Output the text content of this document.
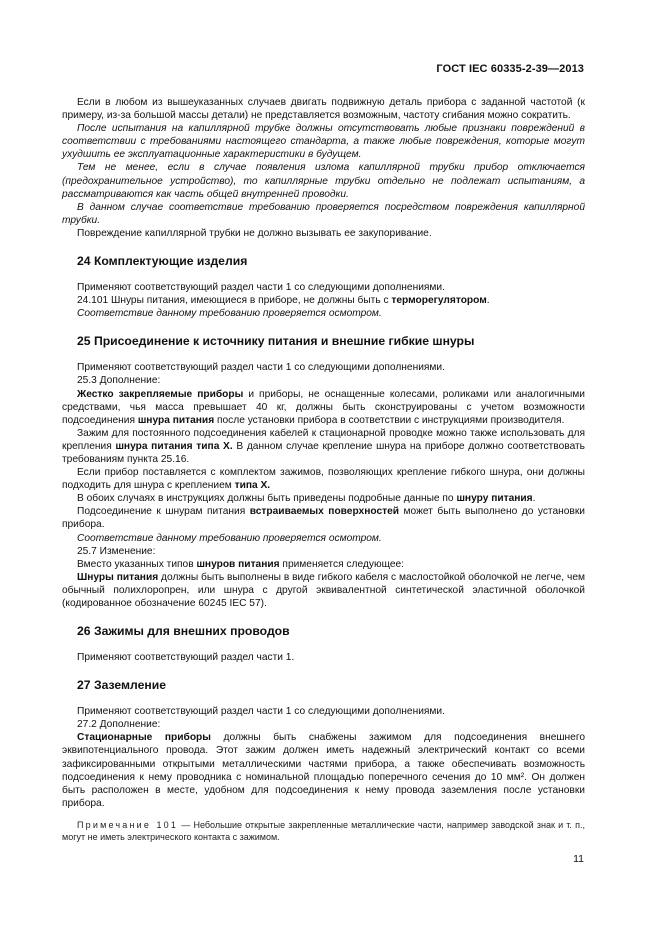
ГОСТ IEC 60335-2-39—2013

Если в любом из вышеуказанных случаев двигать подвижную деталь прибора с заданной частотой (к примеру, из-за большой массы детали) не представляется возможным, частоту сгибания можно сократить.

После испытания на капиллярной трубке должны отсутствовать любые признаки повреждений в соответствии с требованиями настоящего стандарта, а также любые повреждения, которые могут ухудшить ее эксплуатационные характеристики в будущем.

Тем не менее, если в случае появления излома капиллярной трубки прибор отключается (предохранительное устройство), то капиллярные трубки отдельно не подлежат испытаниям, а рассматриваются как часть общей внутренней проводки.

В данном случае соответствие требованию проверяется посредством повреждения капиллярной трубки.

Повреждение капиллярной трубки не должно вызывать ее закупоривание.

24 Комплектующие изделия

Применяют соответствующий раздел части 1 со следующими дополнениями.

24.101 Шнуры питания, имеющиеся в приборе, не должны быть с терморегулятором.

Соответствие данному требованию проверяется осмотром.

25 Присоединение к источнику питания и внешние гибкие шнуры

Применяют соответствующий раздел части 1 со следующими дополнениями.

25.3 Дополнение:

Жестко закрепляемые приборы и приборы, не оснащенные колесами, роликами или аналогичными средствами, чья масса превышает 40 кг, должны быть сконструированы с учетом возможности подсоединения шнура питания после установки прибора в соответствии с инструкциями производителя.

Зажим для постоянного подсоединения кабелей к стационарной проводке можно также использовать для крепления шнура питания типа X. В данном случае крепление шнура на приборе должно соответствовать требованиям пункта 25.16.

Если прибор поставляется с комплектом зажимов, позволяющих крепление гибкого шнура, они должны подходить для шнура с креплением типа X.

В обоих случаях в инструкциях должны быть приведены подробные данные по шнуру питания.

Подсоединение к шнурам питания встраиваемых поверхностей может быть выполнено до установки прибора.

Соответствие данному требованию проверяется осмотром.

25.7 Изменение:

Вместо указанных типов шнуров питания применяется следующее:

Шнуры питания должны быть выполнены в виде гибкого кабеля с маслостойкой оболочкой не легче, чем обычный полихлоропрен, или шнура с другой эквивалентной синтетической эластичной оболочкой (кодированное обозначение 60245 IEC 57).

26 Зажимы для внешних проводов

Применяют соответствующий раздел части 1.

27 Заземление

Применяют соответствующий раздел части 1 со следующими дополнениями.

27.2 Дополнение:

Стационарные приборы должны быть снабжены зажимом для подсоединения внешнего эквипотенциального провода. Этот зажим должен иметь надежный электрический контакт со всеми зафиксированными открытыми металлическими частями прибора, а также обеспечивать возможность подсоединения к нему проводника с номинальной площадью поперечного сечения до 10 мм². Он должен быть расположен в месте, удобном для подсоединения к нему провода заземления после установки прибора.

Примечание 101 — Небольшие открытые закрепленные металлические части, например заводской знак и т. п., могут не иметь электрического контакта с зажимом.

11
